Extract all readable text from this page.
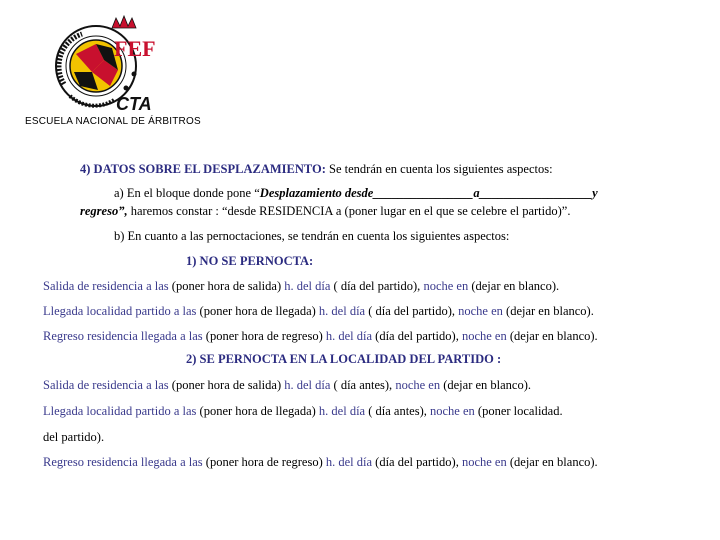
FEF
CTA
ESCUELA NACIONAL DE ÁRBITROS
4) DATOS SOBRE EL DESPLAZAMIENTO: Se tendrán en cuenta los siguientes aspectos:
a) En el bloque donde pone “Desplazamiento desde________________a__________________y
regreso”, haremos constar : “desde RESIDENCIA a (poner lugar en el que se celebre el partido)”.
b) En cuanto a las pernoctaciones, se tendrán en cuenta los siguientes aspectos:
1) NO SE PERNOCTA:
Salida de residencia a las (poner hora de salida) h. del día ( día del partido), noche en (dejar en blanco).
Llegada localidad partido a las (poner hora de llegada) h. del día ( día del partido), noche en (dejar en blanco).
Regreso residencia llegada a las (poner hora de regreso) h. del día (día del partido), noche en (dejar en blanco).
2) SE PERNOCTA EN LA LOCALIDAD DEL PARTIDO :
Salida de residencia a las (poner hora de salida) h. del día ( día antes), noche en (dejar en blanco).
Llegada localidad partido a las (poner hora de llegada) h. del día ( día antes), noche en (poner localidad.
del partido).
Regreso residencia llegada a las (poner hora de regreso) h. del día (día del partido), noche en (dejar en blanco).
